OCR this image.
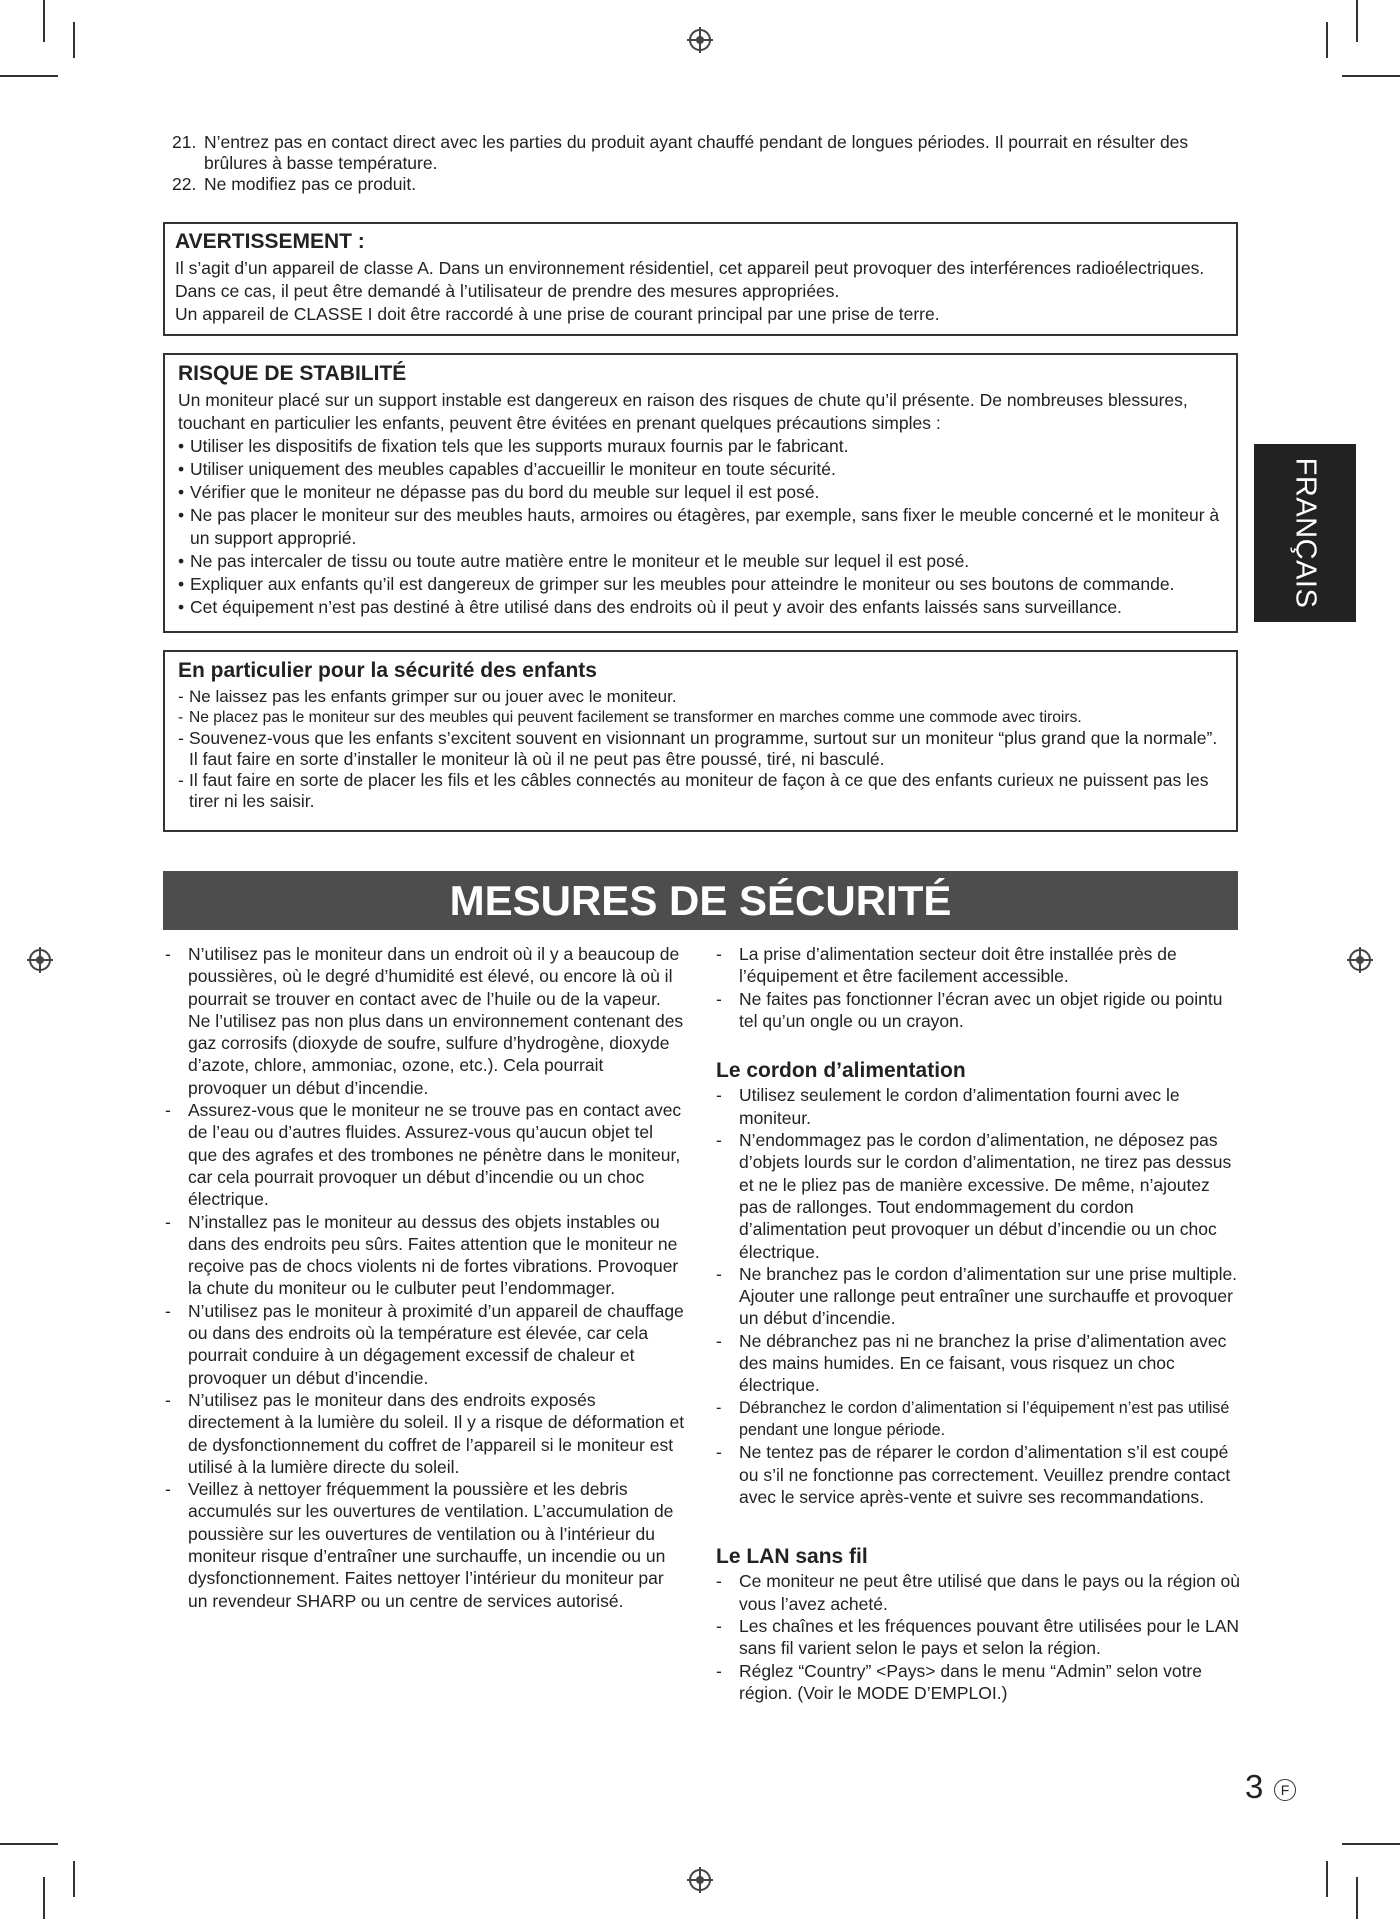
21. N’entrez pas en contact direct avec les parties du produit ayant chauffé pendant de longues périodes. Il pourrait en résulter des brûlures à basse température.
22. Ne modifiez pas ce produit.
AVERTISSEMENT :

Il s’agit d’un appareil de classe A. Dans un environnement résidentiel, cet appareil peut provoquer des interférences radioélectriques. Dans ce cas, il peut être demandé à l’utilisateur de prendre des mesures appropriées.

Un appareil de CLASSE I doit être raccordé à une prise de courant principal par une prise de terre.

RISQUE DE STABILITÉ

Un moniteur placé sur un support instable est dangereux en raison des risques de chute qu’il présente. De nombreuses blessures, touchant en particulier les enfants, peuvent être évitées en prenant quelques précautions simples :

• Utiliser les dispositifs de fixation tels que les supports muraux fournis par le fabricant.
• Utiliser uniquement des meubles capables d’accueillir le moniteur en toute sécurité.
• Vérifier que le moniteur ne dépasse pas du bord du meuble sur lequel il est posé.
• Ne pas placer le moniteur sur des meubles hauts, armoires ou étagères, par exemple, sans fixer le meuble concerné et le moniteur à un support approprié.
• Ne pas intercaler de tissu ou toute autre matière entre le moniteur et le meuble sur lequel il est posé.
• Expliquer aux enfants qu’il est dangereux de grimper sur les meubles pour atteindre le moniteur ou ses boutons de commande.
• Cet équipement n’est pas destiné à être utilisé dans des endroits où il peut y avoir des enfants laissés sans surveillance.
En particulier pour la sécurité des enfants
- Ne laissez pas les enfants grimper sur ou jouer avec le moniteur.
- Ne placez pas le moniteur sur des meubles qui peuvent facilement se transformer en marches comme une commode avec tiroirs.
- Souvenez-vous que les enfants s’excitent souvent en visionnant un programme, surtout sur un moniteur “plus grand que la normale”. Il faut faire en sorte d’installer le moniteur là où il ne peut pas être poussé, tiré, ni basculé.
- Il faut faire en sorte de placer les fils et les câbles connectés au moniteur de façon à ce que des enfants curieux ne puissent pas les tirer ni les saisir.
MESURES DE SÉCURITÉ
- N’utilisez pas le moniteur dans un endroit où il y a beaucoup de poussières, où le degré d’humidité est élevé, ou encore là où il pourrait se trouver en contact avec de l’huile ou de la vapeur. Ne l’utilisez pas non plus dans un environnement contenant des gaz corrosifs (dioxyde de soufre, sulfure d’hydrogène, dioxyde d’azote, chlore, ammoniac, ozone, etc.). Cela pourrait provoquer un début d’incendie.
- Assurez-vous que le moniteur ne se trouve pas en contact avec de l’eau ou d’autres fluides. Assurez-vous qu’aucun objet tel que des agrafes et des trombones ne pénètre dans le moniteur, car cela pourrait provoquer un début d’incendie ou un choc électrique.
- N’installez pas le moniteur au dessus des objets instables ou dans des endroits peu sûrs. Faites attention que le moniteur ne reçoive pas de chocs violents ni de fortes vibrations. Provoquer la chute du moniteur ou le culbuter peut l’endommager.
- N’utilisez pas le moniteur à proximité d’un appareil de chauffage ou dans des endroits où la température est élevée, car cela pourrait conduire à un dégagement excessif de chaleur et provoquer un début d’incendie.
- N’utilisez pas le moniteur dans des endroits exposés directement à la lumière du soleil. Il y a risque de déformation et de dysfonctionnement du coffret de l’appareil si le moniteur est utilisé à la lumière directe du soleil.
- Veillez à nettoyer fréquemment la poussière et les debris accumulés sur les ouvertures de ventilation. L’accumulation de poussière sur les ouvertures de ventilation ou à l’intérieur du moniteur risque d’entraîner une surchauffe, un incendie ou un dysfonctionnement. Faites nettoyer l’intérieur du moniteur par un revendeur SHARP ou un centre de services autorisé.
- La prise d’alimentation secteur doit être installée près de l’équipement et être facilement accessible.
- Ne faites pas fonctionner l’écran avec un objet rigide ou pointu tel qu’un ongle ou un crayon.
Le cordon d’alimentation
- Utilisez seulement le cordon d’alimentation fourni avec le moniteur.
- N’endommagez pas le cordon d’alimentation, ne déposez pas d’objets lourds sur le cordon d’alimentation, ne tirez pas dessus et ne le pliez pas de manière excessive. De même, n’ajoutez pas de rallonges. Tout endommagement du cordon d’alimentation peut provoquer un début d’incendie ou un choc électrique.
- Ne branchez pas le cordon d’alimentation sur une prise multiple. Ajouter une rallonge peut entraîner une surchauffe et provoquer un début d’incendie.
- Ne débranchez pas ni ne branchez la prise d’alimentation avec des mains humides. En ce faisant, vous risquez un choc électrique.
-	Débranchez le cordon d’alimentation si l’équipement n’est pas utilisé pendant une longue période.
- Ne tentez pas de réparer le cordon d’alimentation s’il est coupé ou s’il ne fonctionne pas correctement. Veuillez prendre contact avec le service après-vente et suivre ses recommandations.
Le LAN sans fil
- Ce moniteur ne peut être utilisé que dans le pays ou la région où vous l’avez acheté.
- Les chaînes et les fréquences pouvant être utilisées pour le LAN sans fil varient selon le pays et selon la région.
- Réglez “Country” <Pays> dans le menu “Admin” selon votre région. (Voir le MODE D’EMPLOI.)
FRANÇAIS
3	F
